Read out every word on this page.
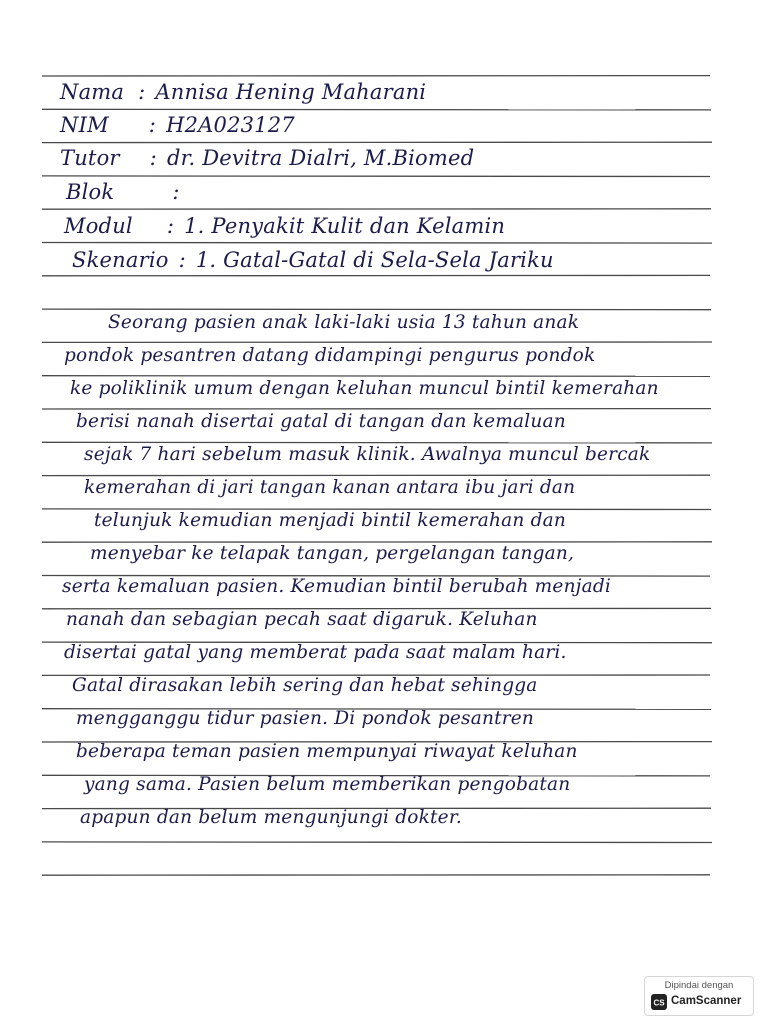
Nama : Annisa Hening Maharani
NIM : H2A023127
Tutor : dr. Devitra Dialri, M.Biomed
Blok	:
Modul : 1. Penyakit Kulit dan Kelamin
Skenario : 1. Gatal-Gatal di Sela-Sela Jariku
Seorang pasien anak laki-laki usia 13 tahun anak
pondok pesantren datang didampingi pengurus pondok
ke poliklinik umum dengan keluhan muncul bintil kemerahan
berisi nanah disertai gatal di tangan dan kemaluan
sejak 7 hari sebelum masuk klinik. Awalnya muncul bercak
kemerahan di jari tangan kanan antara ibu jari dan
telunjuk kemudian menjadi bintil kemerahan dan
menyebar ke telapak tangan, pergelangan tangan,
serta kemaluan pasien. Kemudian bintil berubah menjadi
nanah dan sebagian pecah saat digaruk. Keluhan
disertai gatal yang memberat pada saat malam hari.
Gatal dirasakan lebih sering dan hebat sehingga
mengganggu tidur pasien. Di pondok pesantren
beberapa teman pasien mempunyai riwayat keluhan
yang sama. Pasien belum memberikan pengobatan
apapun dan belum mengunjungi dokter.
Dipindai dengan
CS CamScanner
